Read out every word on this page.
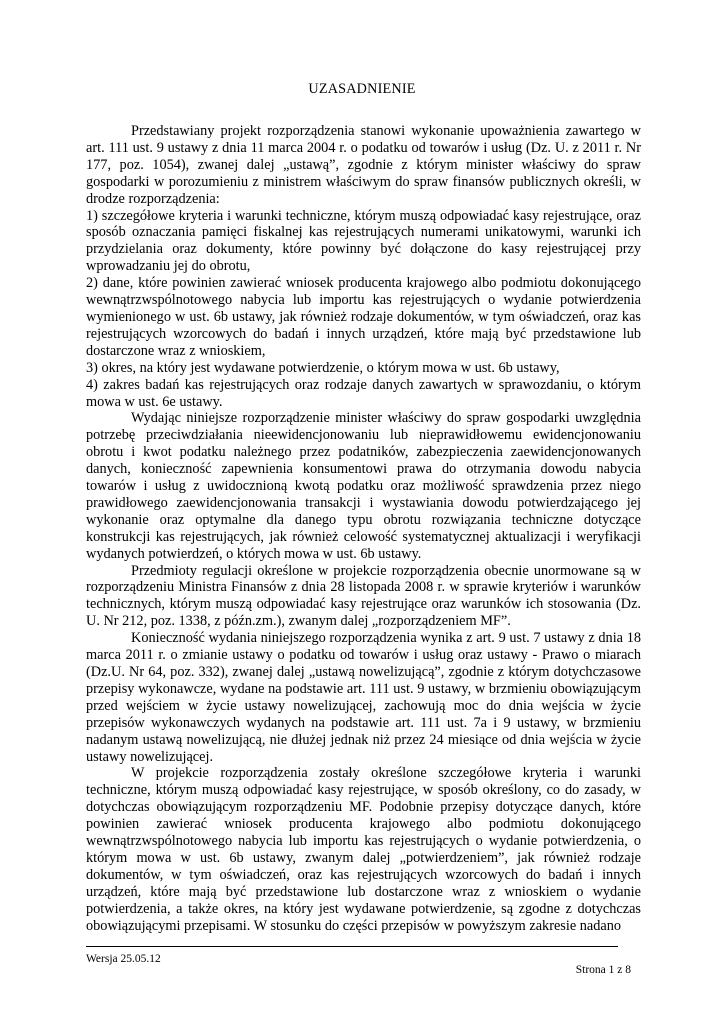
UZASADNIENIE

Przedstawiany projekt rozporządzenia stanowi wykonanie upoważnienia zawartego w art. 111 ust. 9 ustawy z dnia 11 marca 2004 r. o podatku od towarów i usług (Dz. U. z 2011 r. Nr 177, poz. 1054), zwanej dalej „ustawą”, zgodnie z którym minister właściwy do spraw gospodarki w porozumieniu z ministrem właściwym do spraw finansów publicznych określi, w drodze rozporządzenia:

1) szczegółowe kryteria i warunki techniczne, którym muszą odpowiadać kasy rejestrujące, oraz sposób oznaczania pamięci fiskalnej kas rejestrujących numerami unikatowymi, warunki ich przydzielania oraz dokumenty, które powinny być dołączone do kasy rejestrującej przy wprowadzaniu jej do obrotu,

2) dane, które powinien zawierać wniosek producenta krajowego albo podmiotu dokonującego wewnątrzwspólnotowego nabycia lub importu kas rejestrujących o wydanie potwierdzenia wymienionego w ust. 6b ustawy, jak również rodzaje dokumentów, w tym oświadczeń, oraz kas rejestrujących wzorcowych do badań i innych urządzeń, które mają być przedstawione lub dostarczone wraz z wnioskiem,

3) okres, na który jest wydawane potwierdzenie, o którym mowa w ust. 6b ustawy,

4) zakres badań kas rejestrujących oraz rodzaje danych zawartych w sprawozdaniu, o którym mowa w ust. 6e ustawy.

Wydając niniejsze rozporządzenie minister właściwy do spraw gospodarki uwzględnia potrzebę przeciwdziałania nieewidencjonowaniu lub nieprawidłowemu ewidencjonowaniu obrotu i kwot podatku należnego przez podatników, zabezpieczenia zaewidencjonowanych danych, konieczność zapewnienia konsumentowi prawa do otrzymania dowodu nabycia towarów i usług z uwidocznioną kwotą podatku oraz możliwość sprawdzenia przez niego prawidłowego zaewidencjonowania transakcji i wystawiania dowodu potwierdzającego jej wykonanie oraz optymalne dla danego typu obrotu rozwiązania techniczne dotyczące konstrukcji kas rejestrujących, jak również celowość systematycznej aktualizacji i weryfikacji wydanych potwierdzeń, o których mowa w ust. 6b ustawy.

Przedmioty regulacji określone w projekcie rozporządzenia obecnie unormowane są w rozporządzeniu Ministra Finansów z dnia 28 listopada 2008 r. w sprawie kryteriów i warunków technicznych, którym muszą odpowiadać kasy rejestrujące oraz warunków ich stosowania (Dz. U. Nr 212, poz. 1338, z późn.zm.), zwanym dalej „rozporządzeniem MF”.

Konieczność wydania niniejszego rozporządzenia wynika z art. 9 ust. 7 ustawy z dnia 18 marca 2011 r. o zmianie ustawy o podatku od towarów i usług oraz ustawy - Prawo o miarach (Dz.U. Nr 64, poz. 332), zwanej dalej „ustawą nowelizującą”, zgodnie z którym dotychczasowe przepisy wykonawcze, wydane na podstawie art. 111 ust. 9 ustawy, w brzmieniu obowiązującym przed wejściem w życie ustawy nowelizującej, zachowują moc do dnia wejścia w życie przepisów wykonawczych wydanych na podstawie art. 111 ust. 7a i 9 ustawy, w brzmieniu nadanym ustawą nowelizującą, nie dłużej jednak niż przez 24 miesiące od dnia wejścia w życie ustawy nowelizującej.

W projekcie rozporządzenia zostały określone szczegółowe kryteria i warunki techniczne, którym muszą odpowiadać kasy rejestrujące, w sposób określony, co do zasady, w dotychczas obowiązującym rozporządzeniu MF. Podobnie przepisy dotyczące danych, które powinien zawierać wniosek producenta krajowego albo podmiotu dokonującego wewnątrzwspólnotowego nabycia lub importu kas rejestrujących o wydanie potwierdzenia, o którym mowa w ust. 6b ustawy, zwanym dalej „potwierdzeniem”, jak również rodzaje dokumentów, w tym oświadczeń, oraz kas rejestrujących wzorcowych do badań i innych urządzeń, które mają być przedstawione lub dostarczone wraz z wnioskiem o wydanie potwierdzenia, a także okres, na który jest wydawane potwierdzenie, są zgodne z dotychczas obowiązującymi przepisami. W stosunku do części przepisów w powyższym zakresie nadano

Wersja 25.05.12
Strona 1 z 8
